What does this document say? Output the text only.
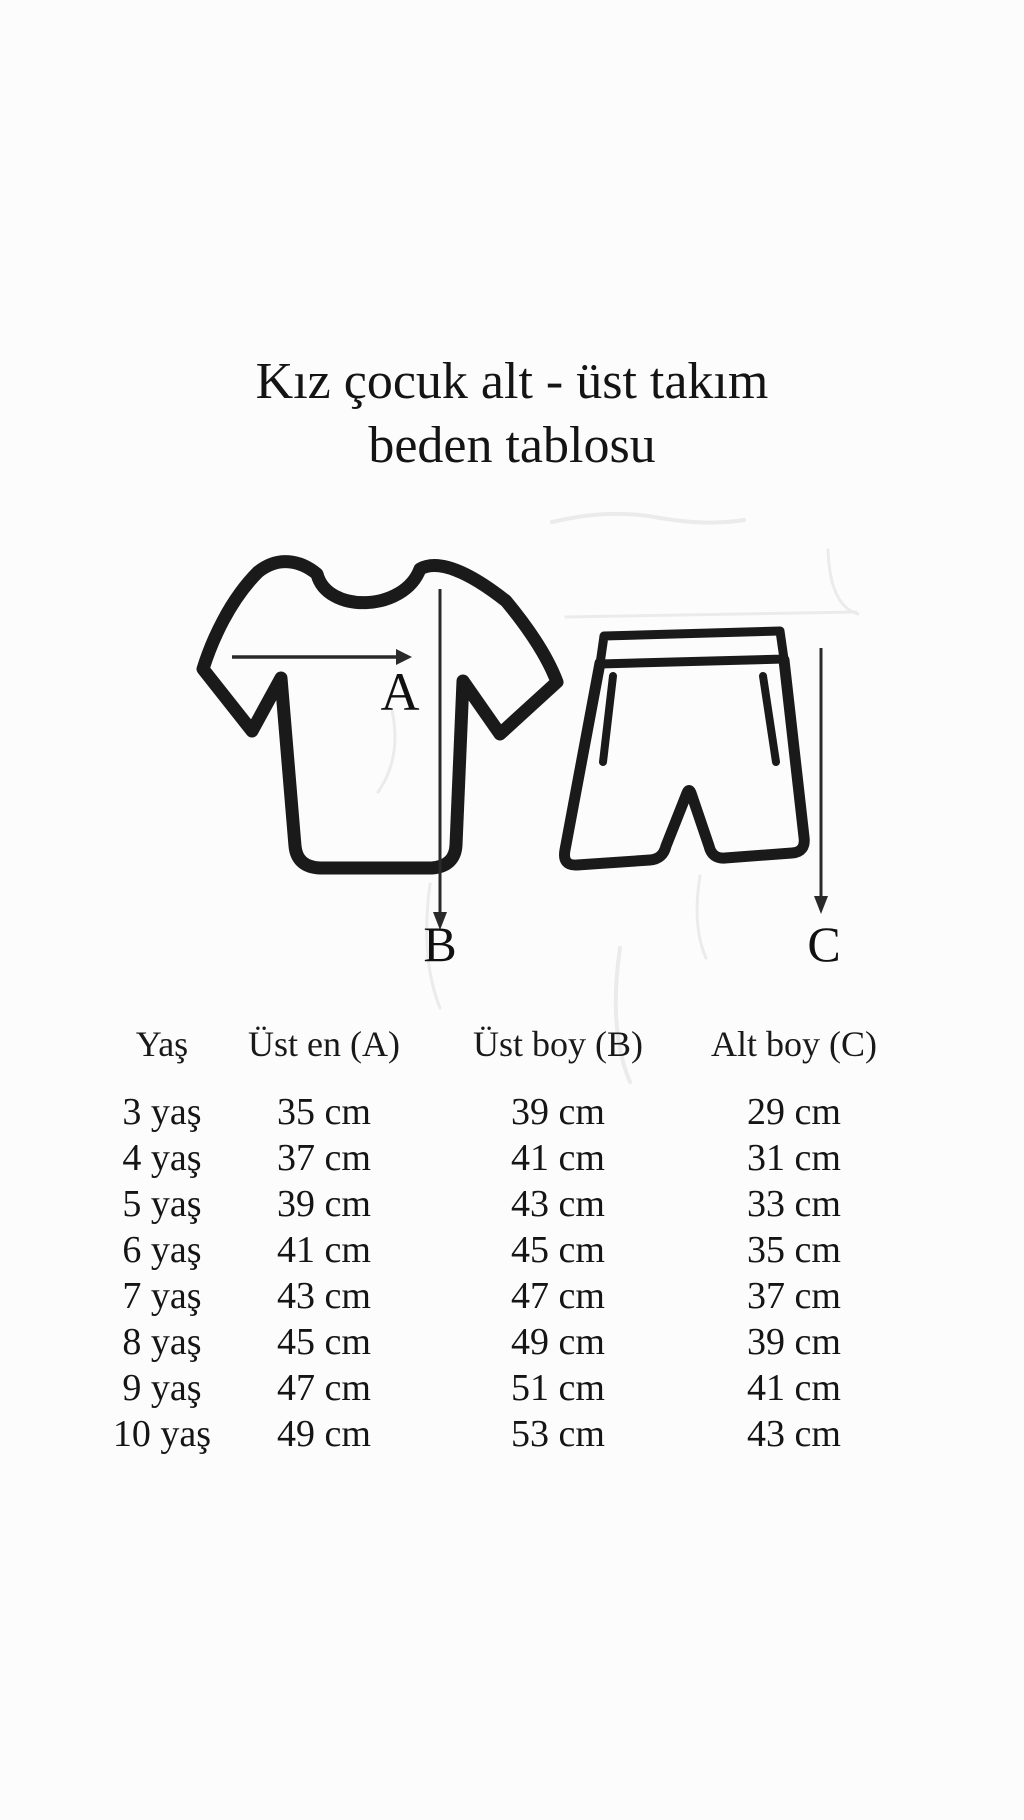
Kız çocuk alt - üst takım
beden tablosu
A
B	C
Yaş	Üst en (A)	Üst boy (B)	Alt boy (C)
3 yaş	35 cm	39 cm	29 cm
4 yaş	37 cm	41 cm	31 cm
5 yaş	39 cm	43 cm	33 cm
6 yaş	41 cm	45 cm	35 cm
7 yaş	43 cm	47 cm	37 cm
8 yaş	45 cm	49 cm	39 cm
9 yaş	47 cm	51 cm	41 cm
10 yaş	49 cm	53 cm	43 cm
